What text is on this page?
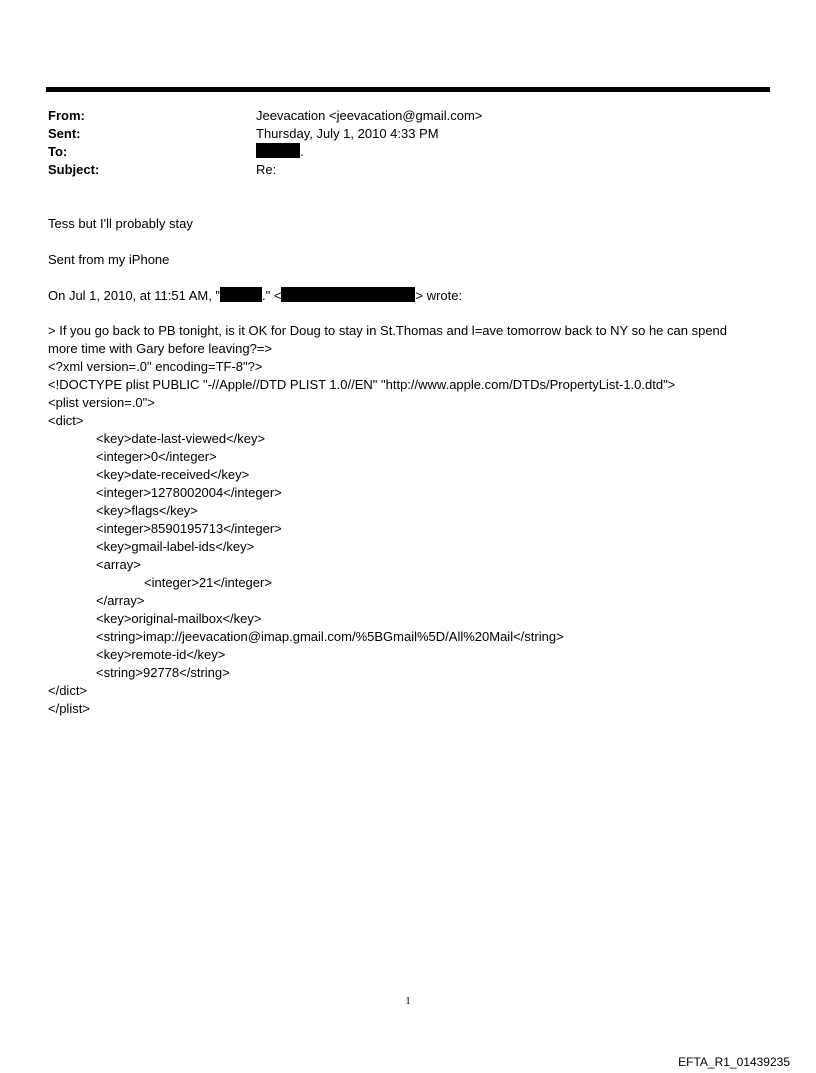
From:
Sent:
To:
Subject:
Jeevacation <jeevacation@gmail.com>
Thursday, July 1, 2010 4:33 PM
.
Re:
Tess but I'll probably stay
Sent from my iPhone
On Jul 1, 2010, at 11:51 AM, "	." <	> wrote:
> If you go back to PB tonight, is it OK for Doug to stay in St.Thomas and l=ave tomorrow back to NY so he can spend
more time with Gary before leaving?=>
<?xml version=.0" encoding=TF-8"?>
<!DOCTYPE plist PUBLIC "-//Apple//DTD PLIST 1.0//EN" "http://www.apple.com/DTDs/PropertyList-1.0.dtd">
<plist version=.0">
<dict>
<key>date-last-viewed</key>
<integer>0</integer>
<key>date-received</key>
<integer>1278002004</integer>
<key>flags</key>
<integer>8590195713</integer>
<key>gmail-label-ids</key>
<array>
<integer>21</integer>
</array>
<key>original-mailbox</key>
<string>imap://jeevacation@imap.gmail.com/%5BGmail%5D/All%20Mail</string>
<key>remote-id</key>
<string>92778</string>
</dict>
</plist>
1
EFTA_R1_01439235
